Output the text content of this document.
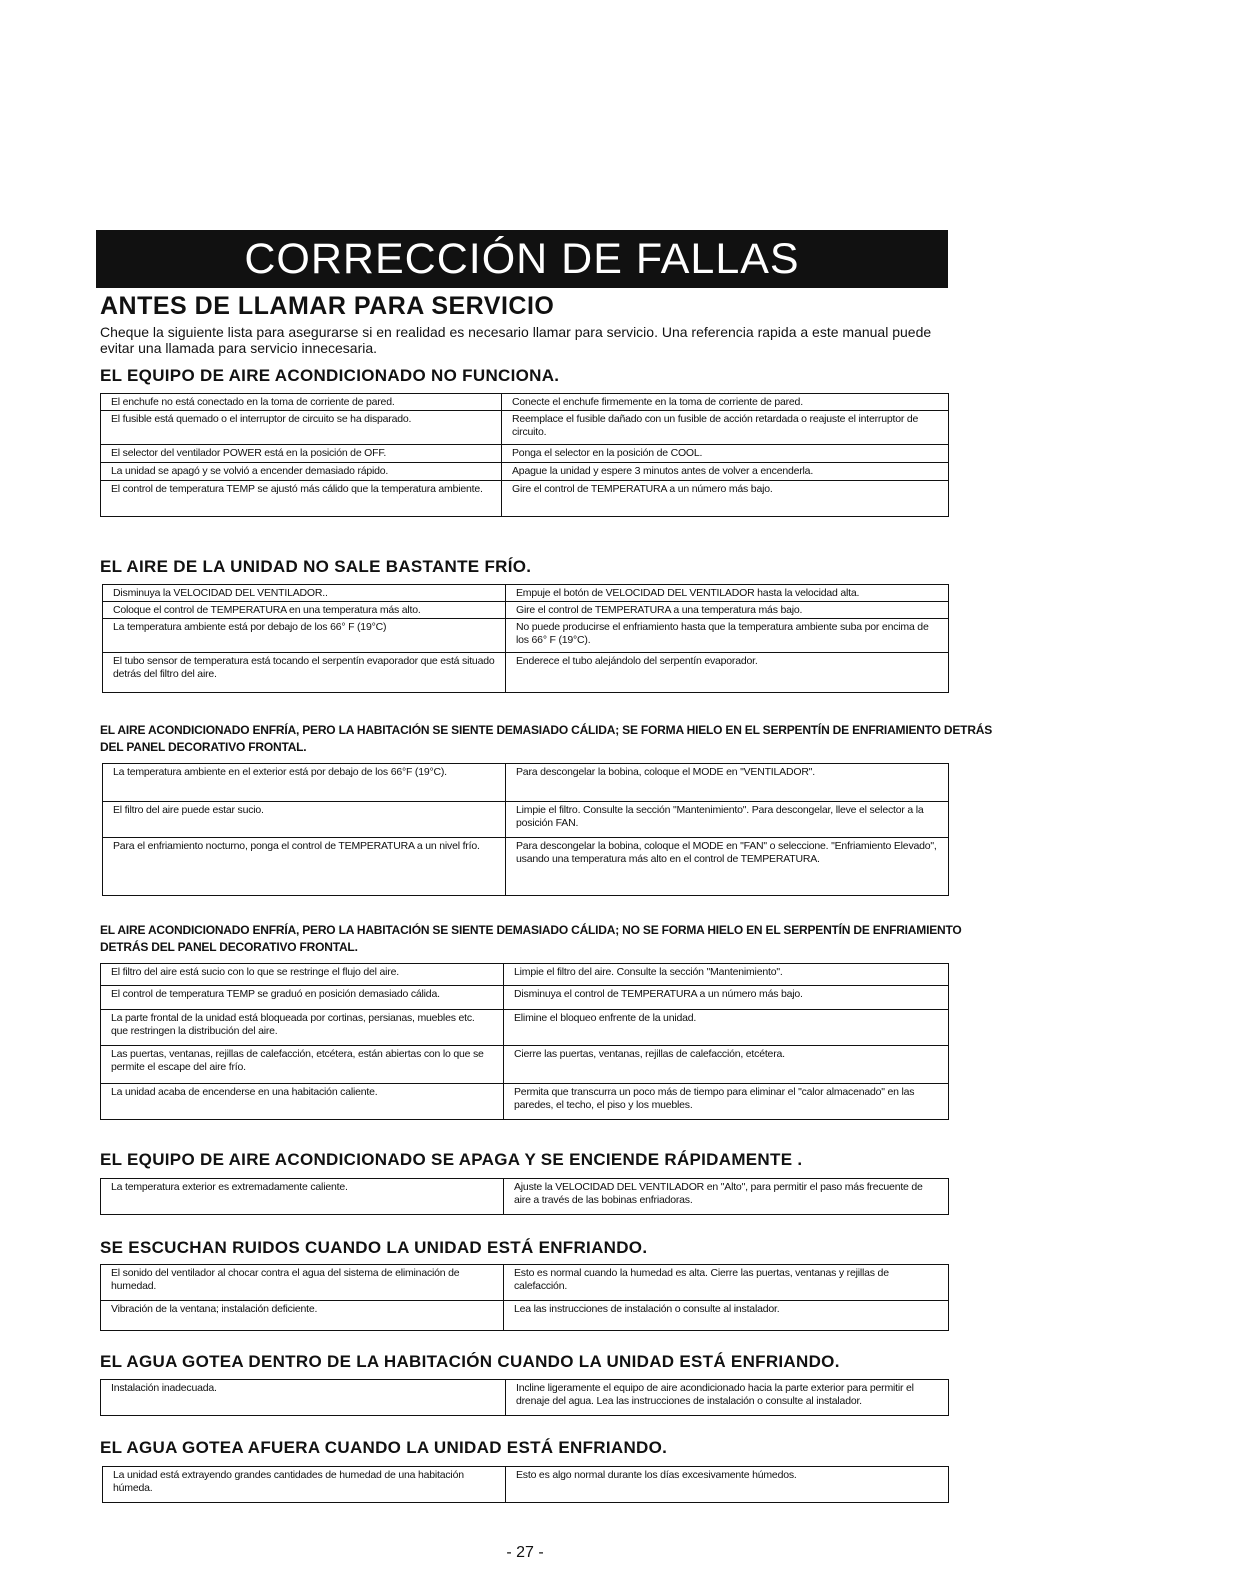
CORRECCIÓN DE FALLAS
ANTES DE LLAMAR PARA SERVICIO

Cheque la siguiente lista para asegurarse si en realidad es necesario llamar para servicio. Una referencia rapida a este manual puede evitar una llamada para servicio innecesaria.

EL EQUIPO DE AIRE ACONDICIONADO NO FUNCIONA.
El enchufe no está conectado en la toma de corriente de pared.	Conecte el enchufe firmemente en la toma de corriente de pared.
El fusible está quemado o el interruptor de circuito se ha disparado.	Reemplace el fusible dañado con un fusible de acción retardada o reajuste el interruptor de circuito.
El selector del ventilador POWER está en la posición de OFF.	Ponga el selector en la posición de COOL.
La unidad se apagó y se volvió a encender demasiado rápido.	Apague la unidad y espere 3 minutos antes de volver a encenderla.
El control de temperatura TEMP se ajustó más cálido que la temperatura ambiente.	Gire el control de TEMPERATURA a un número más bajo.
EL AIRE DE LA UNIDAD NO SALE BASTANTE FRÍO.
Disminuya la VELOCIDAD DEL VENTILADOR..	Empuje el botón de VELOCIDAD DEL VENTILADOR hasta la velocidad alta.
Coloque el control de TEMPERATURA en una temperatura más alto.	Gire el control de TEMPERATURA a una temperatura más bajo.
La temperatura ambiente está por debajo de los 66° F (19°C)	No puede producirse el enfriamiento hasta que la temperatura ambiente suba por encima de los 66° F (19°C).
El tubo sensor de temperatura está tocando el serpentín evaporador que está situado detrás del filtro del aire.	Enderece el tubo alejándolo del serpentín evaporador.
EL AIRE ACONDICIONADO ENFRÍA, PERO LA HABITACIÓN SE SIENTE DEMASIADO CÁLIDA; SE FORMA HIELO EN EL SERPENTÍN DE ENFRIAMIENTO DETRÁS DEL PANEL DECORATIVO FRONTAL.
La temperatura ambiente en el exterior está por debajo de los 66°F (19°C).	Para descongelar la bobina, coloque el MODE en "VENTILADOR".
El filtro del aire puede estar sucio.	Limpie el filtro. Consulte la sección "Mantenimiento". Para descongelar, lleve el selector a la posición FAN.
Para el enfriamiento nocturno, ponga el control de TEMPERATURA a un nivel frío.	Para descongelar la bobina, coloque el MODE en "FAN" o seleccione. "Enfriamiento Elevado", usando una temperatura más alto en el control de TEMPERATURA.
EL AIRE ACONDICIONADO ENFRÍA, PERO LA HABITACIÓN SE SIENTE DEMASIADO CÁLIDA; NO SE FORMA HIELO EN EL SERPENTÍN DE ENFRIAMIENTO DETRÁS DEL PANEL DECORATIVO FRONTAL.
El filtro del aire está sucio con lo que se restringe el flujo del aire.	Limpie el filtro del aire. Consulte la sección "Mantenimiento".
El control de temperatura TEMP se graduó en posición demasiado cálida.	Disminuya el control de TEMPERATURA a un número más bajo.
La parte frontal de la unidad está bloqueada por cortinas, persianas, muebles etc. que restringen la distribución del aire.	Elimine el bloqueo enfrente de la unidad.
Las puertas, ventanas, rejillas de calefacción, etcétera, están abiertas con lo que se permite el escape del aire frío.	Cierre las puertas, ventanas, rejillas de calefacción, etcétera.
La unidad acaba de encenderse en una habitación caliente.	Permita que transcurra un poco más de tiempo para eliminar el "calor almacenado" en las paredes, el techo, el piso y los muebles.
EL EQUIPO DE AIRE ACONDICIONADO SE APAGA Y SE ENCIENDE RÁPIDAMENTE .
La temperatura exterior es extremadamente caliente.	Ajuste la VELOCIDAD DEL VENTILADOR en "Alto", para permitir el paso más frecuente de aire a través de las bobinas enfriadoras.
SE ESCUCHAN RUIDOS CUANDO LA UNIDAD ESTÁ ENFRIANDO.
El sonido del ventilador al chocar contra el agua del sistema de eliminación de humedad.	Esto es normal cuando la humedad es alta. Cierre las puertas, ventanas y rejillas de calefacción.
Vibración de la ventana; instalación deficiente.	Lea las instrucciones de instalación o consulte al instalador.
EL AGUA GOTEA DENTRO DE LA HABITACIÓN CUANDO LA UNIDAD ESTÁ ENFRIANDO.
Instalación inadecuada.	Incline ligeramente el equipo de aire acondicionado hacia la parte exterior para permitir el drenaje del agua. Lea las instrucciones de instalación o consulte al instalador.
EL AGUA GOTEA AFUERA CUANDO LA UNIDAD ESTÁ ENFRIANDO.
La unidad está extrayendo grandes cantidades de humedad de una habitación húmeda.	Esto es algo normal durante los días excesivamente húmedos.
- 27 -
